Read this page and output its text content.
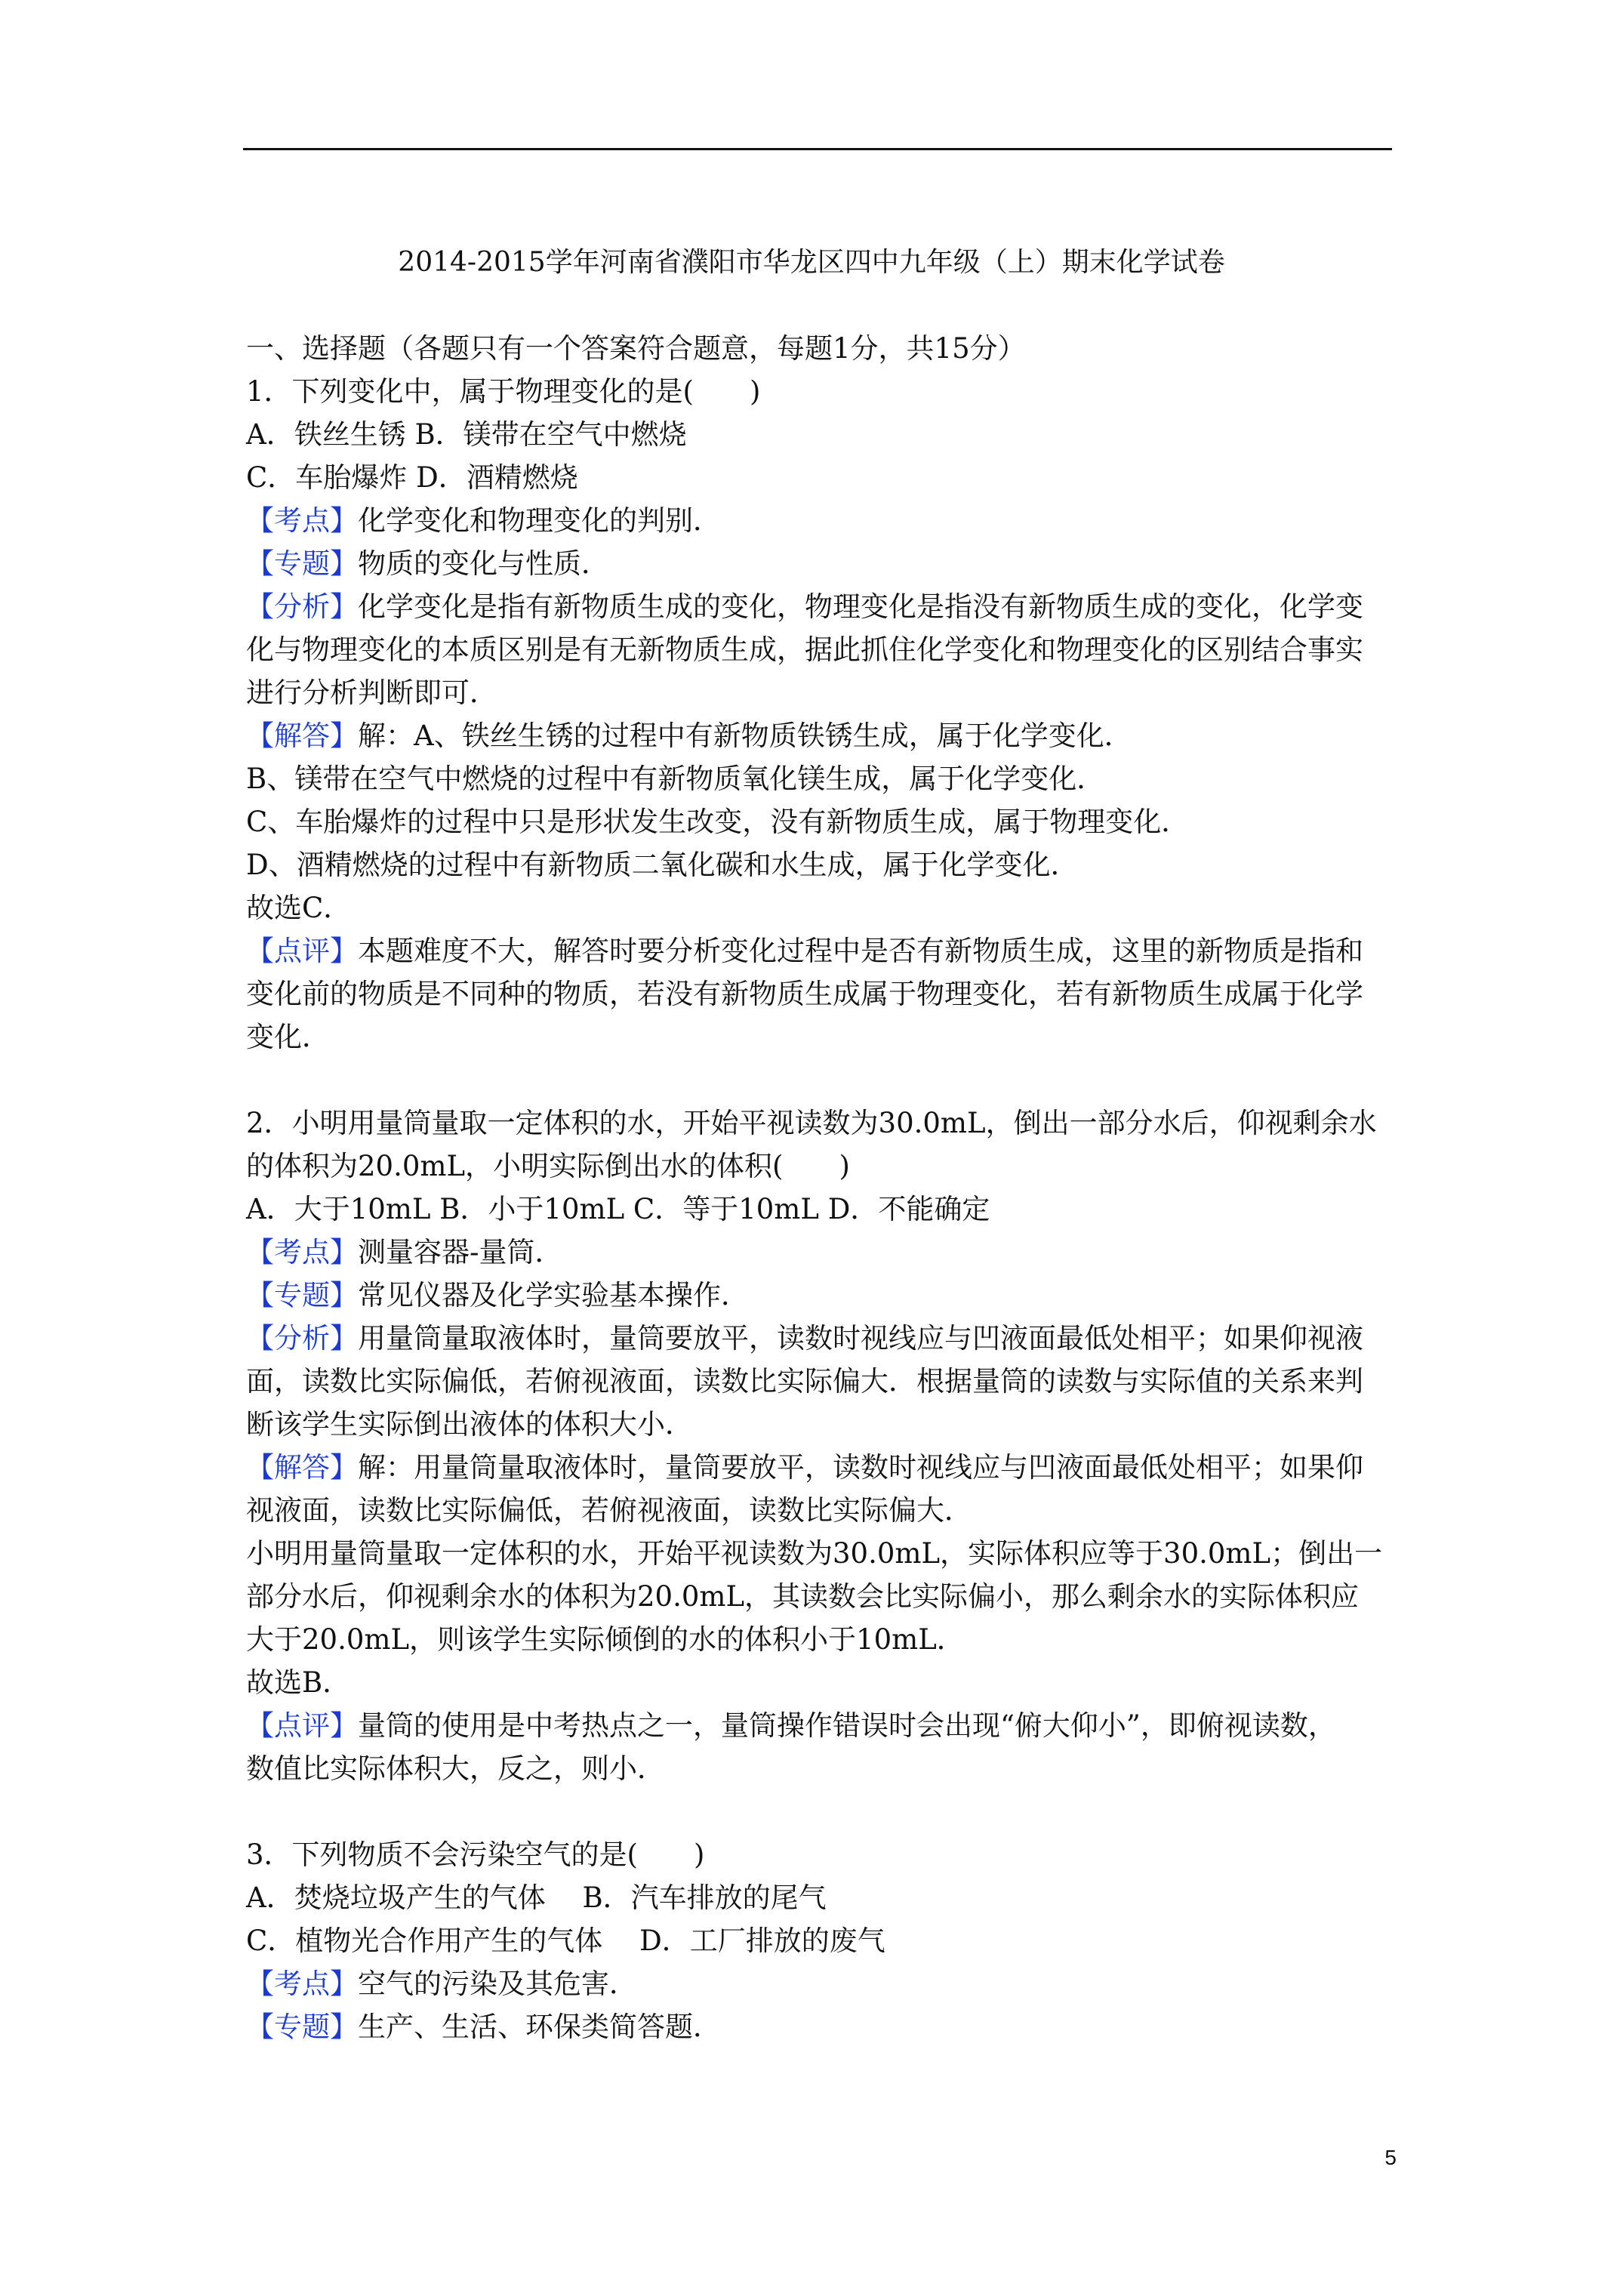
2014-2015学年河南省濮阳市华龙区四中九年级（上）期末化学试卷
一、选择题（各题只有一个答案符合题意，每题1分，共15分）
1．下列变化中，属于物理变化的是(　　)
A．铁丝生锈 B．镁带在空气中燃烧
C．车胎爆炸 D．酒精燃烧
【考点】化学变化和物理变化的判别．
【专题】物质的变化与性质．
【分析】化学变化是指有新物质生成的变化，物理变化是指没有新物质生成的变化，化学变
化与物理变化的本质区别是有无新物质生成，据此抓住化学变化和物理变化的区别结合事实
进行分析判断即可．
【解答】解：A、铁丝生锈的过程中有新物质铁锈生成，属于化学变化．
B、镁带在空气中燃烧的过程中有新物质氧化镁生成，属于化学变化．
C、车胎爆炸的过程中只是形状发生改变，没有新物质生成，属于物理变化．
D、酒精燃烧的过程中有新物质二氧化碳和水生成，属于化学变化．
故选C．
【点评】本题难度不大，解答时要分析变化过程中是否有新物质生成，这里的新物质是指和
变化前的物质是不同种的物质，若没有新物质生成属于物理变化，若有新物质生成属于化学
变化．
2．小明用量筒量取一定体积的水，开始平视读数为30.0mL，倒出一部分水后，仰视剩余水
的体积为20.0mL，小明实际倒出水的体积(　　)
A．大于10mL B．小于10mL C．等于10mL D．不能确定
【考点】测量容器-量筒．
【专题】常见仪器及化学实验基本操作．
【分析】用量筒量取液体时，量筒要放平，读数时视线应与凹液面最低处相平；如果仰视液
面，读数比实际偏低，若俯视液面，读数比实际偏大．根据量筒的读数与实际值的关系来判
断该学生实际倒出液体的体积大小．
【解答】解：用量筒量取液体时，量筒要放平，读数时视线应与凹液面最低处相平；如果仰
视液面，读数比实际偏低，若俯视液面，读数比实际偏大．
小明用量筒量取一定体积的水，开始平视读数为30.0mL，实际体积应等于30.0mL；倒出一
部分水后，仰视剩余水的体积为20.0mL，其读数会比实际偏小，那么剩余水的实际体积应
大于20.0mL，则该学生实际倾倒的水的体积小于10mL．
故选B．
【点评】量筒的使用是中考热点之一，量筒操作错误时会出现“俯大仰小”，即俯视读数，
数值比实际体积大，反之，则小．
3．下列物质不会污染空气的是(　　)
A．焚烧垃圾产生的气体　 B．汽车排放的尾气
C．植物光合作用产生的气体　 D．工厂排放的废气
【考点】空气的污染及其危害．
【专题】生产、生活、环保类简答题．
5
